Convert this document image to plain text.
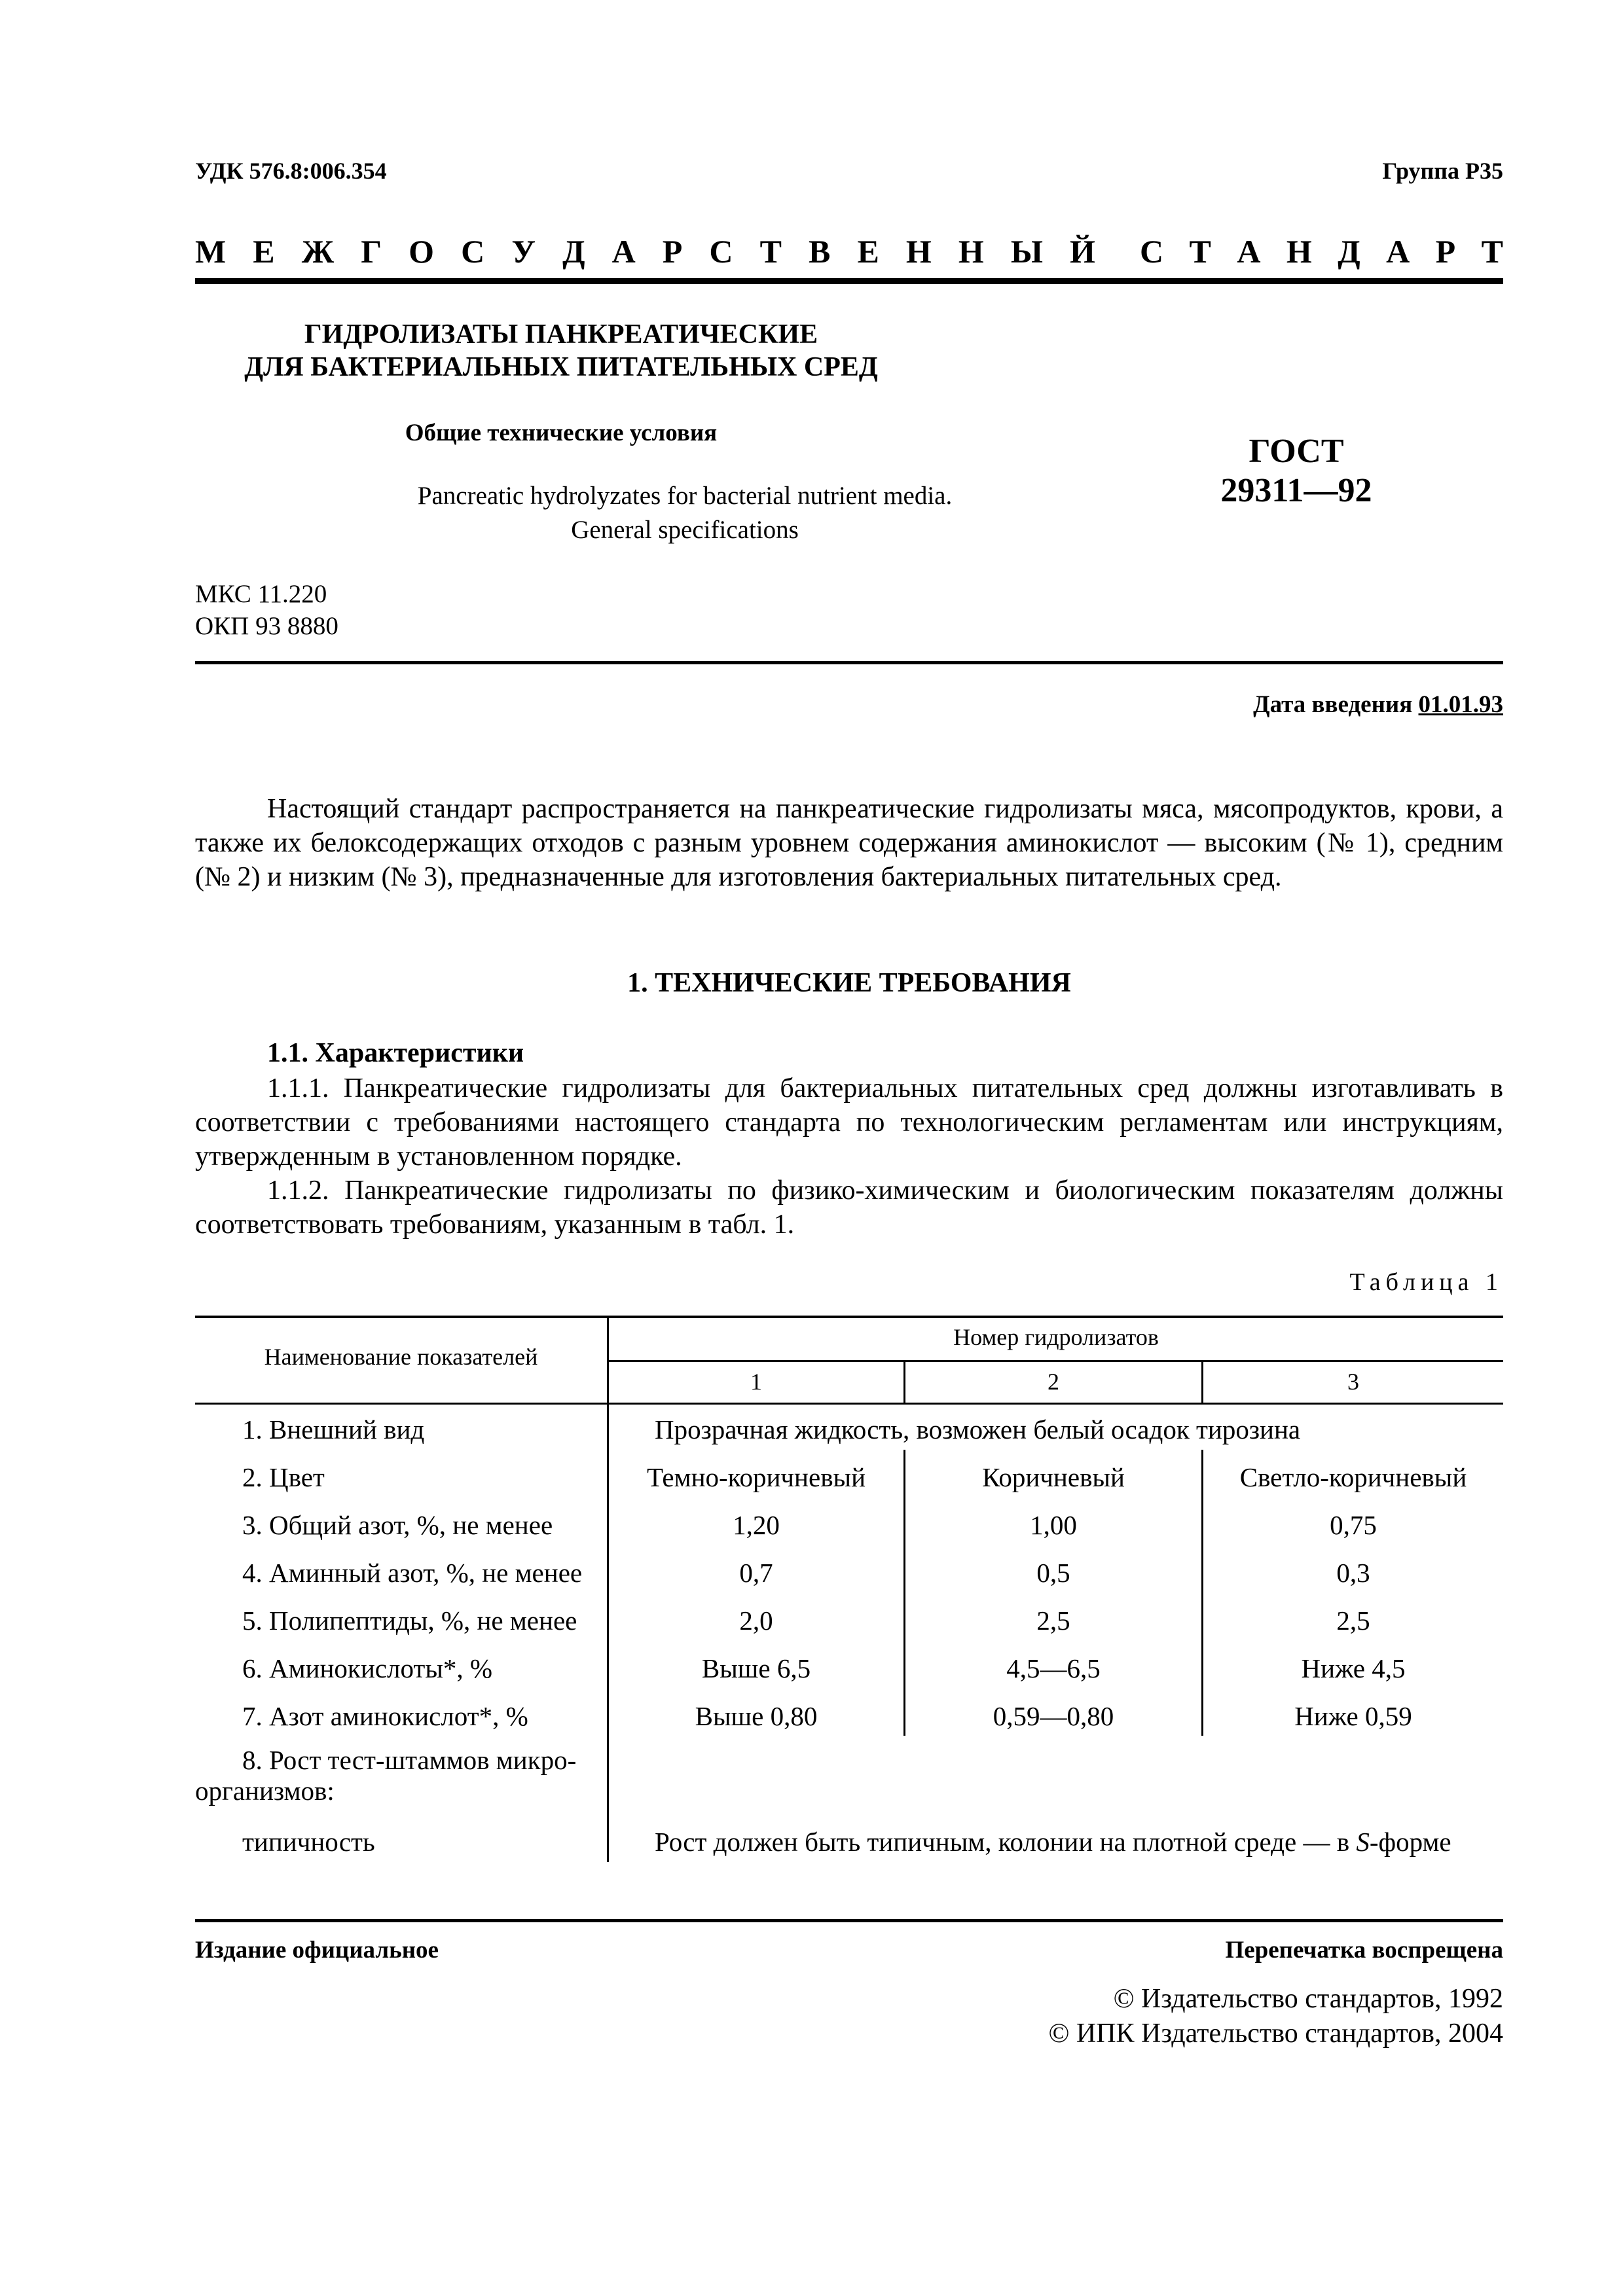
УДК 576.8:006.354	Группа Р35
М Е Ж Г О С У Д А Р С Т В Е Н Н Ы Й С Т А Н Д А Р Т
ГИДРОЛИЗАТЫ ПАНКРЕАТИЧЕСКИЕ
ДЛЯ БАКТЕРИАЛЬНЫХ ПИТАТЕЛЬНЫХ СРЕД
Общие технические условия
Pancreatic hydrolyzates for bacterial nutrient media.
General specifications
ГОСТ
29311—92
МКС 11.220
ОКП 93 8880
Дата введения 01.01.93
Настоящий стандарт распространяется на панкреатические гидролизаты мяса, мясопродуктов, крови, а также их белоксодержащих отходов с разным уровнем содержания аминокислот — высоким (№ 1), средним (№ 2) и низким (№ 3), предназначенные для изготовления бактериальных питательных сред.
1. ТЕХНИЧЕСКИЕ ТРЕБОВАНИЯ
1.1. Характеристики
1.1.1. Панкреатические гидролизаты для бактериальных питательных сред должны изготавливать в соответствии с требованиями настоящего стандарта по технологическим регламентам или инструкциям, утвержденным в установленном порядке.
1.1.2. Панкреатические гидролизаты по физико-химическим и биологическим показателям должны соответствовать требованиям, указанным в табл. 1.
Таблица 1
Наименование показателей
Номер гидролизатов
1	2	3
1. Внешний вид	Прозрачная жидкость, возможен белый осадок тирозина
2. Цвет	Темно-коричневый	Коричневый	Светло-коричневый
3. Общий азот, %, не менее	1,20	1,00	0,75
4. Аминный азот, %, не менее	0,7	0,5	0,3
5. Полипептиды, %, не менее	2,0	2,5	2,5
6. Аминокислоты*, %	Выше 6,5	4,5—6,5	Ниже 4,5
7. Азот аминокислот*, %	Выше 0,80	0,59—0,80	Ниже 0,59
8. Рост тест-штаммов микро-
организмов:
типичность	Рост должен быть типичным, колонии на плотной среде — в S-форме
Издание официальное	Перепечатка воспрещена
© Издательство стандартов, 1992
© ИПК Издательство стандартов, 2004
